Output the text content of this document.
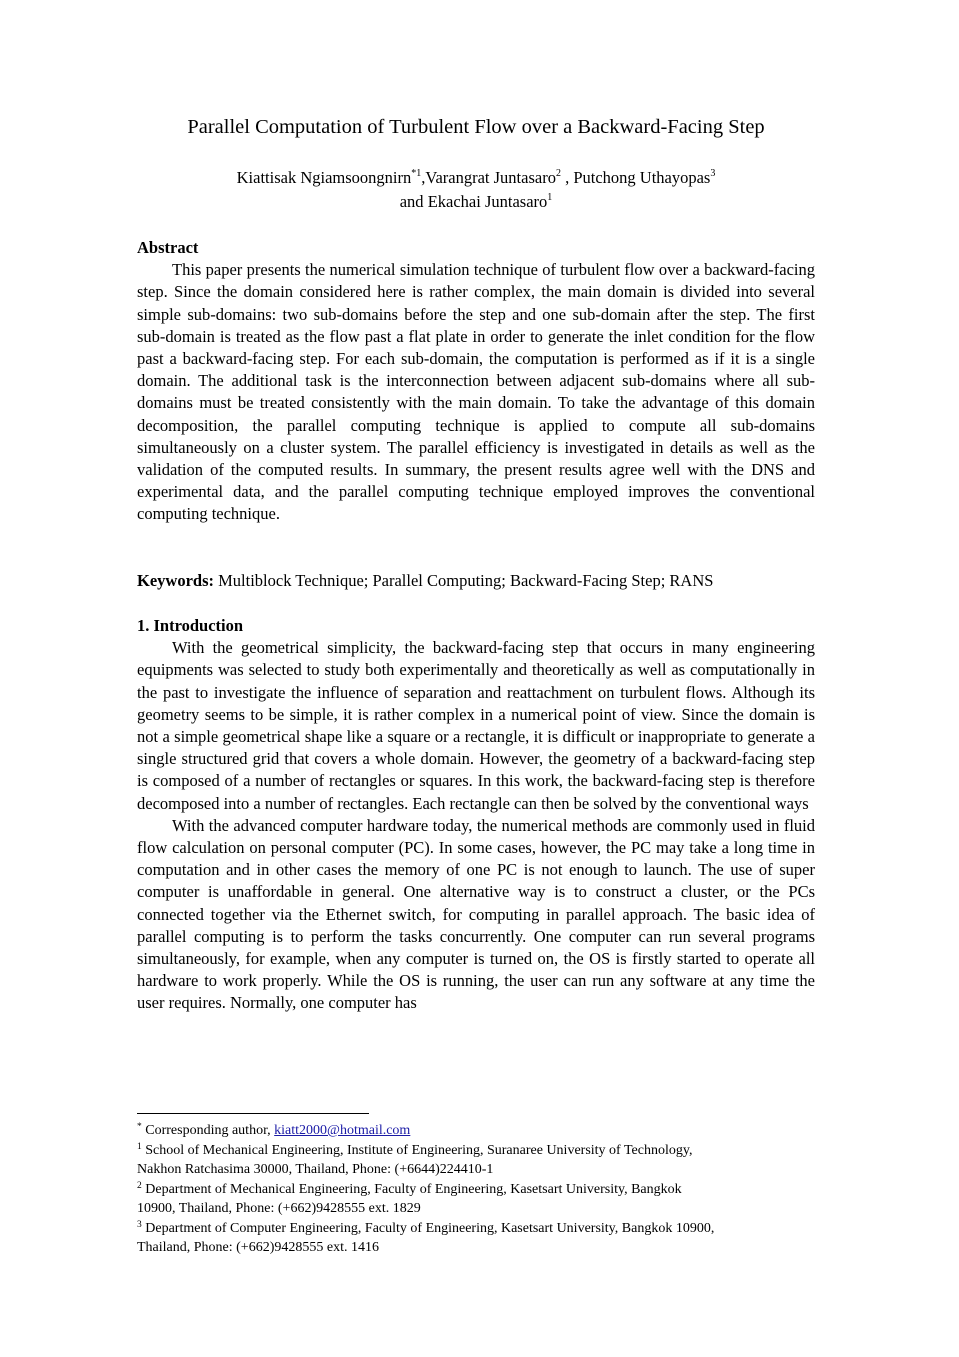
Parallel Computation of Turbulent Flow over a Backward-Facing Step
Kiattisak Ngiamsoongnirn$^{*1}$,Varangrat Juntasaro$^2$ , Putchong Uthayopas$^3$
and Ekachai Juntasaro$^1$

Abstract

This paper presents the numerical simulation technique of turbulent flow over a backward-facing step. Since the domain considered here is rather complex, the main domain is divided into several simple sub-domains: two sub-domains before the step and one sub-domain after the step. The first sub-domain is treated as the flow past a flat plate in order to generate the inlet condition for the flow past a backward-facing step. For each sub-domain, the computation is performed as if it is a single domain. The additional task is the interconnection between adjacent sub-domains where all sub-domains must be treated consistently with the main domain. To take the advantage of this domain decomposition, the parallel computing technique is applied to compute all sub-domains simultaneously on a cluster system. The parallel efficiency is investigated in details as well as the validation of the computed results. In summary, the present results agree well with the DNS and experimental data, and the parallel computing technique employed improves the conventional computing technique.

Keywords: Multiblock Technique; Parallel Computing; Backward-Facing Step; RANS

1. Introduction

With the geometrical simplicity, the backward-facing step that occurs in many engineering equipments was selected to study both experimentally and theoretically as well as computationally in the past to investigate the influence of separation and reattachment on turbulent flows. Although its geometry seems to be simple, it is rather complex in a numerical point of view. Since the domain is not a simple geometrical shape like a square or a rectangle, it is difficult or inappropriate to generate a single structured grid that covers a whole domain. However, the geometry of a backward-facing step is composed of a number of rectangles or squares. In this work, the backward-facing step is therefore decomposed into a number of rectangles. Each rectangle can then be solved by the conventional ways

With the advanced computer hardware today, the numerical methods are commonly used in fluid flow calculation on personal computer (PC). In some cases, however, the PC may take a long time in computation and in other cases the memory of one PC is not enough to launch. The use of super computer is unaffordable in general. One alternative way is to construct a cluster, or the PCs connected together via the Ethernet switch, for computing in parallel approach. The basic idea of parallel computing is to perform the tasks concurrently. One computer can run several programs simultaneously, for example, when any computer is turned on, the OS is firstly started to operate all hardware to work properly. While the OS is running, the user can run any software at any time the user requires. Normally, one computer has

* Corresponding author, kiatt2000@hotmail.com

$^1$ School of Mechanical Engineering, Institute of Engineering, Suranaree University of Technology,
Nakhon Ratchasima 30000, Thailand, Phone: (+6644)224410-1

$^2$ Department of Mechanical Engineering, Faculty of Engineering, Kasetsart University, Bangkok
10900, Thailand, Phone: (+662)9428555 ext. 1829

$^3$ Department of Computer Engineering, Faculty of Engineering, Kasetsart University, Bangkok 10900,
Thailand, Phone: (+662)9428555 ext. 1416
